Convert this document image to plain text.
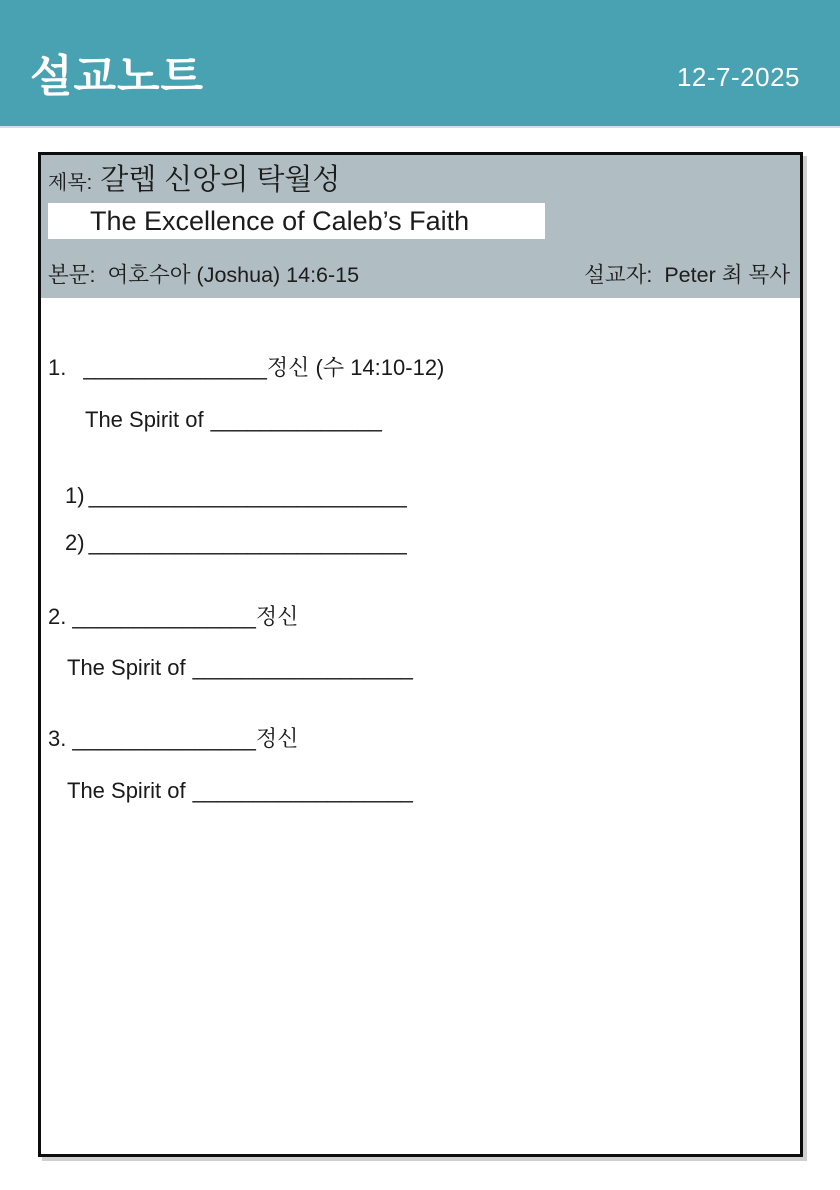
설교노트	12-7-2025
제목: 갈렙 신앙의 탁월성
The Excellence of Caleb’s Faith
본문: 여호수아 (Joshua) 14:6-15	설교자: Peter 최 목사
1. _______________정신 (수 14:10-12)
The Spirit of ______________
1) __________________________
2) __________________________
2. _______________정신
The Spirit of __________________
3. _______________정신
The Spirit of __________________
